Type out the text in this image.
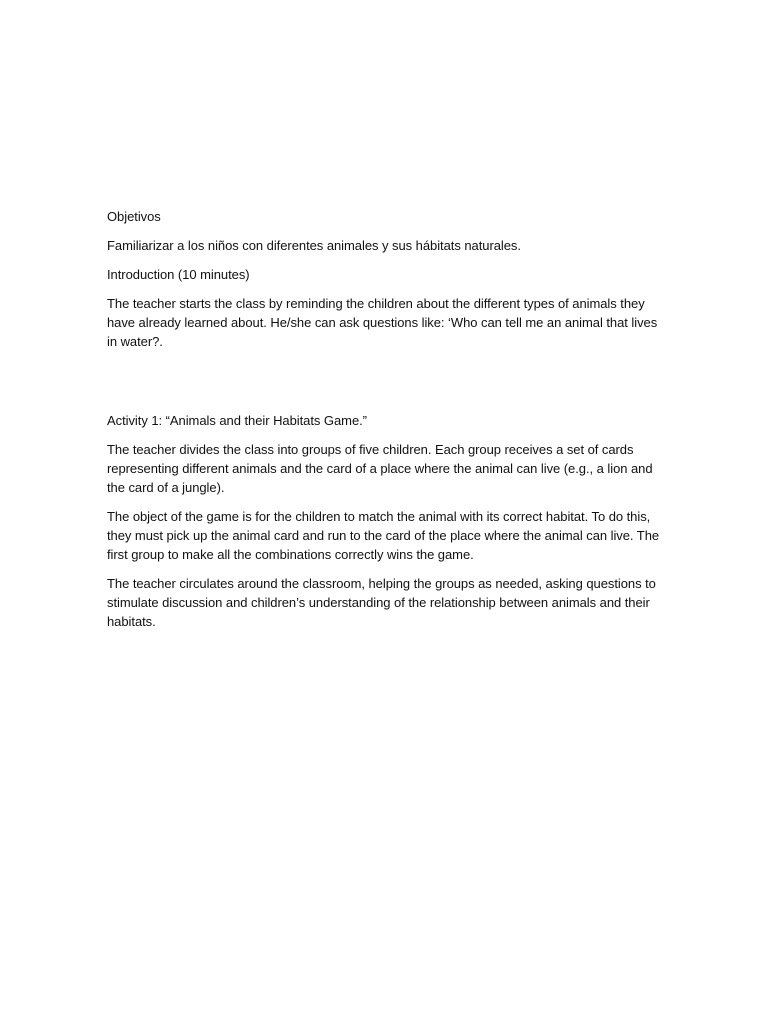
Objetivos

Familiarizar a los niños con diferentes animales y sus hábitats naturales.

Introduction (10 minutes)

The teacher starts the class by reminding the children about the different types of animals they have already learned about. He/she can ask questions like: ‘Who can tell me an animal that lives in water?.

Activity 1: “Animals and their Habitats Game.”

The teacher divides the class into groups of five children. Each group receives a set of cards representing different animals and the card of a place where the animal can live (e.g., a lion and the card of a jungle).

The object of the game is for the children to match the animal with its correct habitat. To do this, they must pick up the animal card and run to the card of the place where the animal can live. The first group to make all the combinations correctly wins the game.

The teacher circulates around the classroom, helping the groups as needed, asking questions to stimulate discussion and children’s understanding of the relationship between animals and their habitats.
